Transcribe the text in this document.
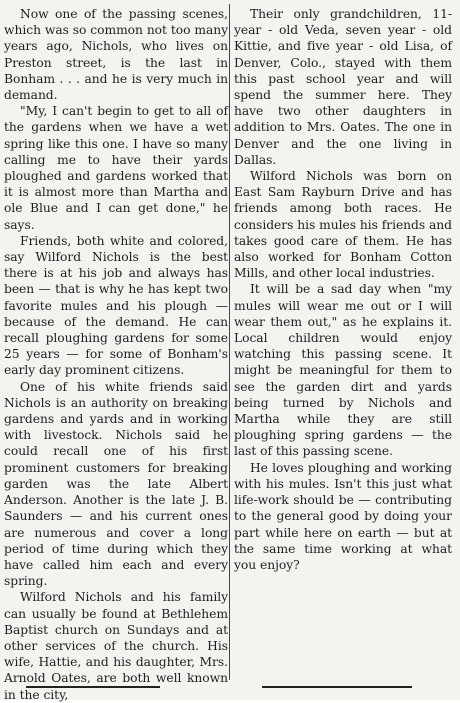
Now one of the passing scenes, which was so common not too many years ago, Nichols, who lives on Preston street, is the last in Bonham . . . and he is very much in demand.

"My, I can't begin to get to all of the gardens when we have a wet spring like this one. I have so many calling me to have their yards ploughed and gardens worked that it is almost more than Martha and ole Blue and I can get done," he says.

Friends, both white and colored, say Wilford Nichols is the best there is at his job and always has been — that is why he has kept two favorite mules and his plough — because of the demand. He can recall ploughing gardens for some 25 years — for some of Bonham's early day prominent citizens.

One of his white friends said Nichols is an authority on breaking gardens and yards and in working with livestock. Nichols said he could recall one of his first prominent customers for breaking garden was the late Albert Anderson. Another is the late J. B. Saunders — and his current ones are numerous and cover a long period of time during which they have called him each and every spring.

Wilford Nichols and his family can usually be found at Bethlehem Baptist church on Sundays and at other services of the church. His wife, Hattie, and his daughter, Mrs. Arnold Oates, are both well known in the city,

Their only grandchildren, 11-year - old Veda, seven year - old Kittie, and five year - old Lisa, of Denver, Colo., stayed with them this past school year and will spend the summer here. They have two other daughters in addition to Mrs. Oates. The one in Denver and the one living in Dallas.

Wilford Nichols was born on East Sam Rayburn Drive and has friends among both races. He considers his mules his friends and takes good care of them. He has also worked for Bonham Cotton Mills, and other local industries.

It will be a sad day when "my mules will wear me out or I will wear them out," as he explains it. Local children would enjoy watching this passing scene. It might be meaningful for them to see the garden dirt and yards being turned by Nichols and Martha while they are still ploughing spring gardens — the last of this passing scene.

He loves ploughing and working with his mules. Isn't this just what life-work should be — contributing to the general good by doing your part while here on earth — but at the same time working at what you enjoy?
